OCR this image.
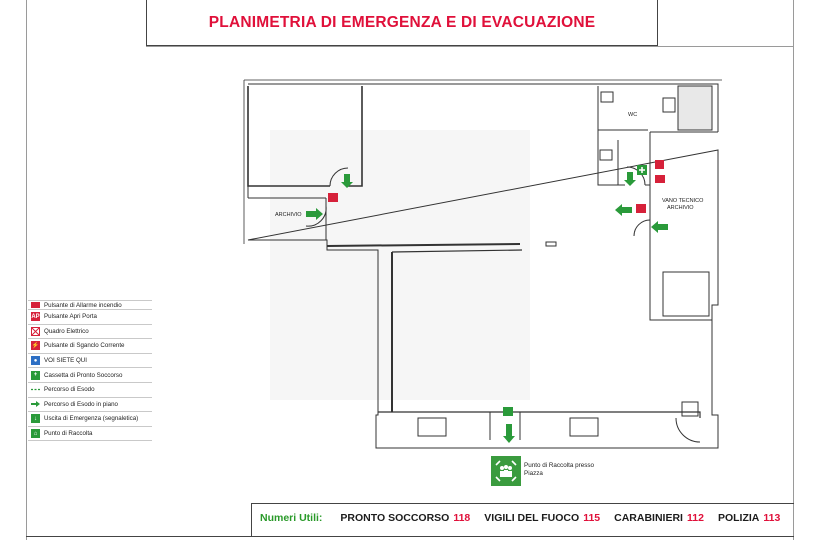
PLANIMETRIA DI EMERGENZA E DI EVACUAZIONE
WC
ARCHIVIO
VANO TECNICO
ARCHIVIO
Pulsante di Allarme incendio
AP Pulsante Apri Porta
Quadro Elettrico
⚡ Pulsante di Sganclo Corrente
●	VOI SIETE QUI
+	Cassetta di Pronto Soccorso
Percorso di Esodo
Percorso di Esodo in piano
↓	Uscita di Emergenza (segnaletica)
⌂	Punto di Raccolta
Punto di Raccolta presso
Piazza
Numeri Utili: PRONTO SOCCORSO 118 VIGILI DEL FUOCO 115 CARABINIERI 112 POLIZIA 113
